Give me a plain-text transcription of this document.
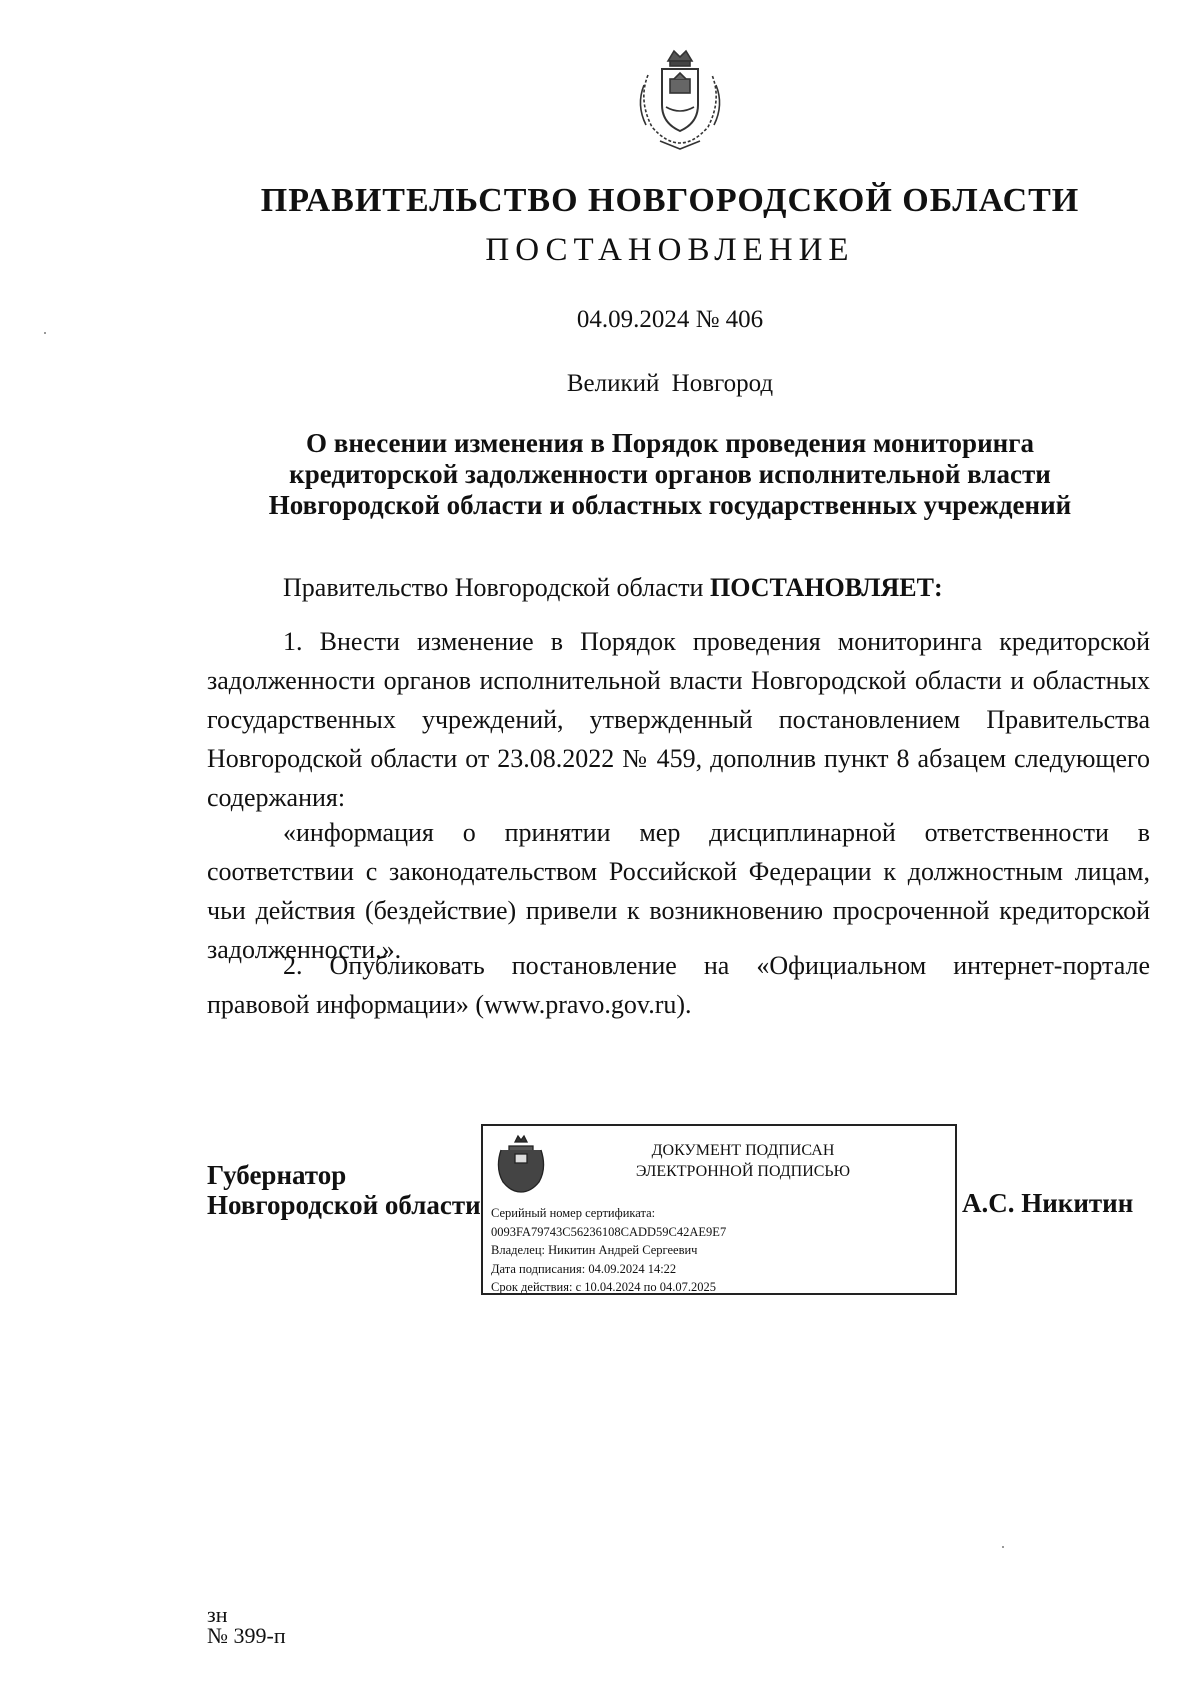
ПРАВИТЕЛЬСТВО НОВГОРОДСКОЙ ОБЛАСТИ
ПОСТАНОВЛЕНИЕ
04.09.2024 № 406
Великий Новгород
О внесении изменения в Порядок проведения мониторинга
кредиторской задолженности органов исполнительной власти
Новгородской области и областных государственных учреждений
Правительство Новгородской области ПОСТАНОВЛЯЕТ:
1. Внести изменение в Порядок проведения мониторинга кредиторской задолженности органов исполнительной власти Новгородской области и областных государственных учреждений, утвержденный постановлением Правительства Новгородской области от 23.08.2022 № 459, дополнив пункт 8 абзацем следующего содержания:
«информация о принятии мер дисциплинарной ответственности в соответствии с законодательством Российской Федерации к должностным лицам, чьи действия (бездействие) привели к возникновению просроченной кредиторской задолженности.».
2. Опубликовать постановление на «Официальном интернет-портале правовой информации» (www.pravo.gov.ru).
Губернатор
Новгородской области
ДОКУМЕНТ ПОДПИСАН
ЭЛЕКТРОННОЙ ПОДПИСЬЮ
Серийный номер сертификата:
0093FA79743C56236108CADD59C42AE9E7
Владелец: Никитин Андрей Сергеевич
Дата подписания: 04.09.2024 14:22
Срок действия: с 10.04.2024 по 04.07.2025
А.С. Никитин
зн
№ 399-п
